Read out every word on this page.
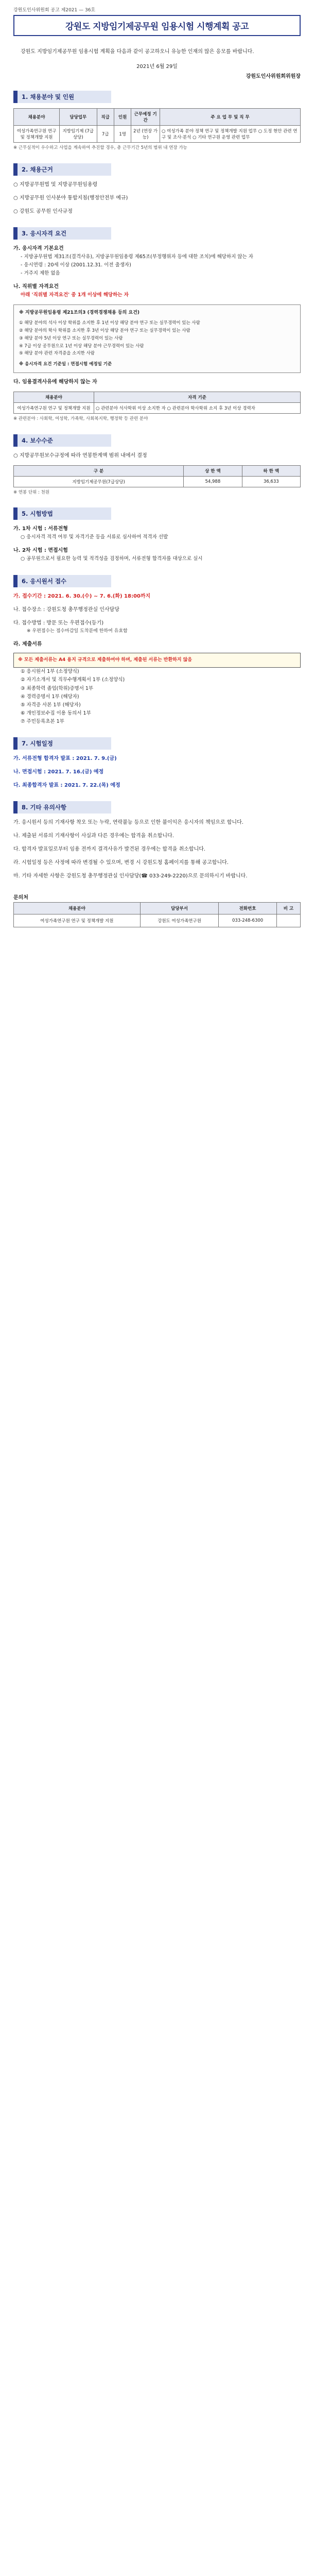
강원도인사위원회 공고 제2021 — 36호
강원도 지방임기제공무원 임용시험 시행계획 공고
강원도 지방임기제공무원 임용시험 계획을 다음과 같이 공고하오니 유능한 인재의 많은 응모를 바랍니다.
2021년 6월 29일
강원도인사위원회위원장
1. 채용분야 및 인원
채용분야	담당업무	직급	인원	근무예정 기간	주 요 업 무 및 직 무
여성가족연구원 연구 및 정책개발 지원	지방임기제 (7급상당)	7급	1명	2년 (연장 가능)	○ 여성가족 분야 정책 연구 및 정책개발 지원 업무 ○ 도정 현안 관련 연구 및 조사·분석 ○ 기타 연구원 운영 관련 업무
※ 근무실적이 우수하고 사업을 계속하여 추진할 경우, 총 근무기간 5년의 범위 내 연장 가능
2. 채용근거
○ 지방공무원법 및 지방공무원임용령
○ 지방공무원 인사분야 통합지침(행정안전부 예규)
○ 강원도 공무원 인사규정
3. 응시자격 요건
가. 응시자격 기본요건
- 지방공무원법 제31조(결격사유), 지방공무원임용령 제65조(부정행위자 등에 대한 조치)에 해당하지 않는 자
- 응시연령 : 20세 이상 (2001.12.31. 이전 출생자)
- 거주지 제한 없음
나. 직위별 자격요건
아래 '직위별 자격요건' 중 1개 이상에 해당하는 자
※ 지방공무원임용령 제21조의3 (경력경쟁채용 등의 요건)
① 해당 분야의 석사 이상 학위를 소지한 후 1년 이상 해당 분야 연구 또는 실무경력이 있는 사람
② 해당 분야의 학사 학위를 소지한 후 3년 이상 해당 분야 연구 또는 실무경력이 있는 사람
③ 해당 분야 5년 이상 연구 또는 실무경력이 있는 사람
④ 7급 이상 공무원으로 1년 이상 해당 분야 근무경력이 있는 사람
⑤ 해당 분야 관련 자격증을 소지한 사람
※ 응시자격 요건 기준일 : 면접시험 예정일 기준
다. 임용결격사유에 해당하지 않는 자
채용분야	자격 기준
여성가족연구원 연구 및 정책개발 지원	○ 관련분야 석사학위 이상 소지한 자 ○ 관련분야 학사학위 소지 후 3년 이상 경력자
※ 관련분야 : 사회학, 여성학, 가족학, 사회복지학, 행정학 등 관련 분야
4. 보수수준
○ 지방공무원보수규정에 따라 연봉한계액 범위 내에서 결정
구 분	상 한 액	하 한 액
지방임기제공무원(7급상당)	54,988	36,633
※ 연봉 단위 : 천원
5. 시험방법
가. 1차 시험 : 서류전형
○ 응시자격 적격 여부 및 자격기준 등을 서류로 심사하여 적격자 선발
나. 2차 시험 : 면접시험
○ 공무원으로서 필요한 능력 및 적격성을 검정하며, 서류전형 합격자를 대상으로 실시
6. 응시원서 접수
가. 접수기간 : 2021. 6. 30.(수) ~ 7. 6.(화) 18:00까지
나. 접수장소 : 강원도청 총무행정관실 인사담당
다. 접수방법 : 방문 또는 우편접수(등기)
※ 우편접수는 접수마감일 도착분에 한하여 유효함
라. 제출서류
※ 모든 제출서류는 A4 용지 규격으로 제출하여야 하며, 제출된 서류는 반환하지 않음
① 응시원서 1부 (소정양식)
② 자기소개서 및 직무수행계획서 1부 (소정양식)
③ 최종학력 졸업(학위)증명서 1부
④ 경력증명서 1부 (해당자)
⑤ 자격증 사본 1부 (해당자)
⑥ 개인정보수집 이용 동의서 1부
⑦ 주민등록초본 1부
7. 시험일정
가. 서류전형 합격자 발표 : 2021. 7. 9.(금)
나. 면접시험 : 2021. 7. 16.(금) 예정
다. 최종합격자 발표 : 2021. 7. 22.(목) 예정
8. 기타 유의사항
가. 응시원서 등의 기재사항 착오 또는 누락, 연락불능 등으로 인한 불이익은 응시자의 책임으로 합니다.
나. 제출된 서류의 기재사항이 사실과 다른 경우에는 합격을 취소합니다.
다. 합격자 발표일로부터 임용 전까지 결격사유가 발견된 경우에는 합격을 취소합니다.
라. 시험일정 등은 사정에 따라 변경될 수 있으며, 변경 시 강원도청 홈페이지를 통해 공고합니다.
마. 기타 자세한 사항은 강원도청 총무행정관실 인사담당(☎ 033-249-2220)으로 문의하시기 바랍니다.
문의처
채용분야	담당부서	전화번호	비 고
여성가족연구원 연구 및 정책개발 지원	강원도 여성가족연구원	033-248-6300	
